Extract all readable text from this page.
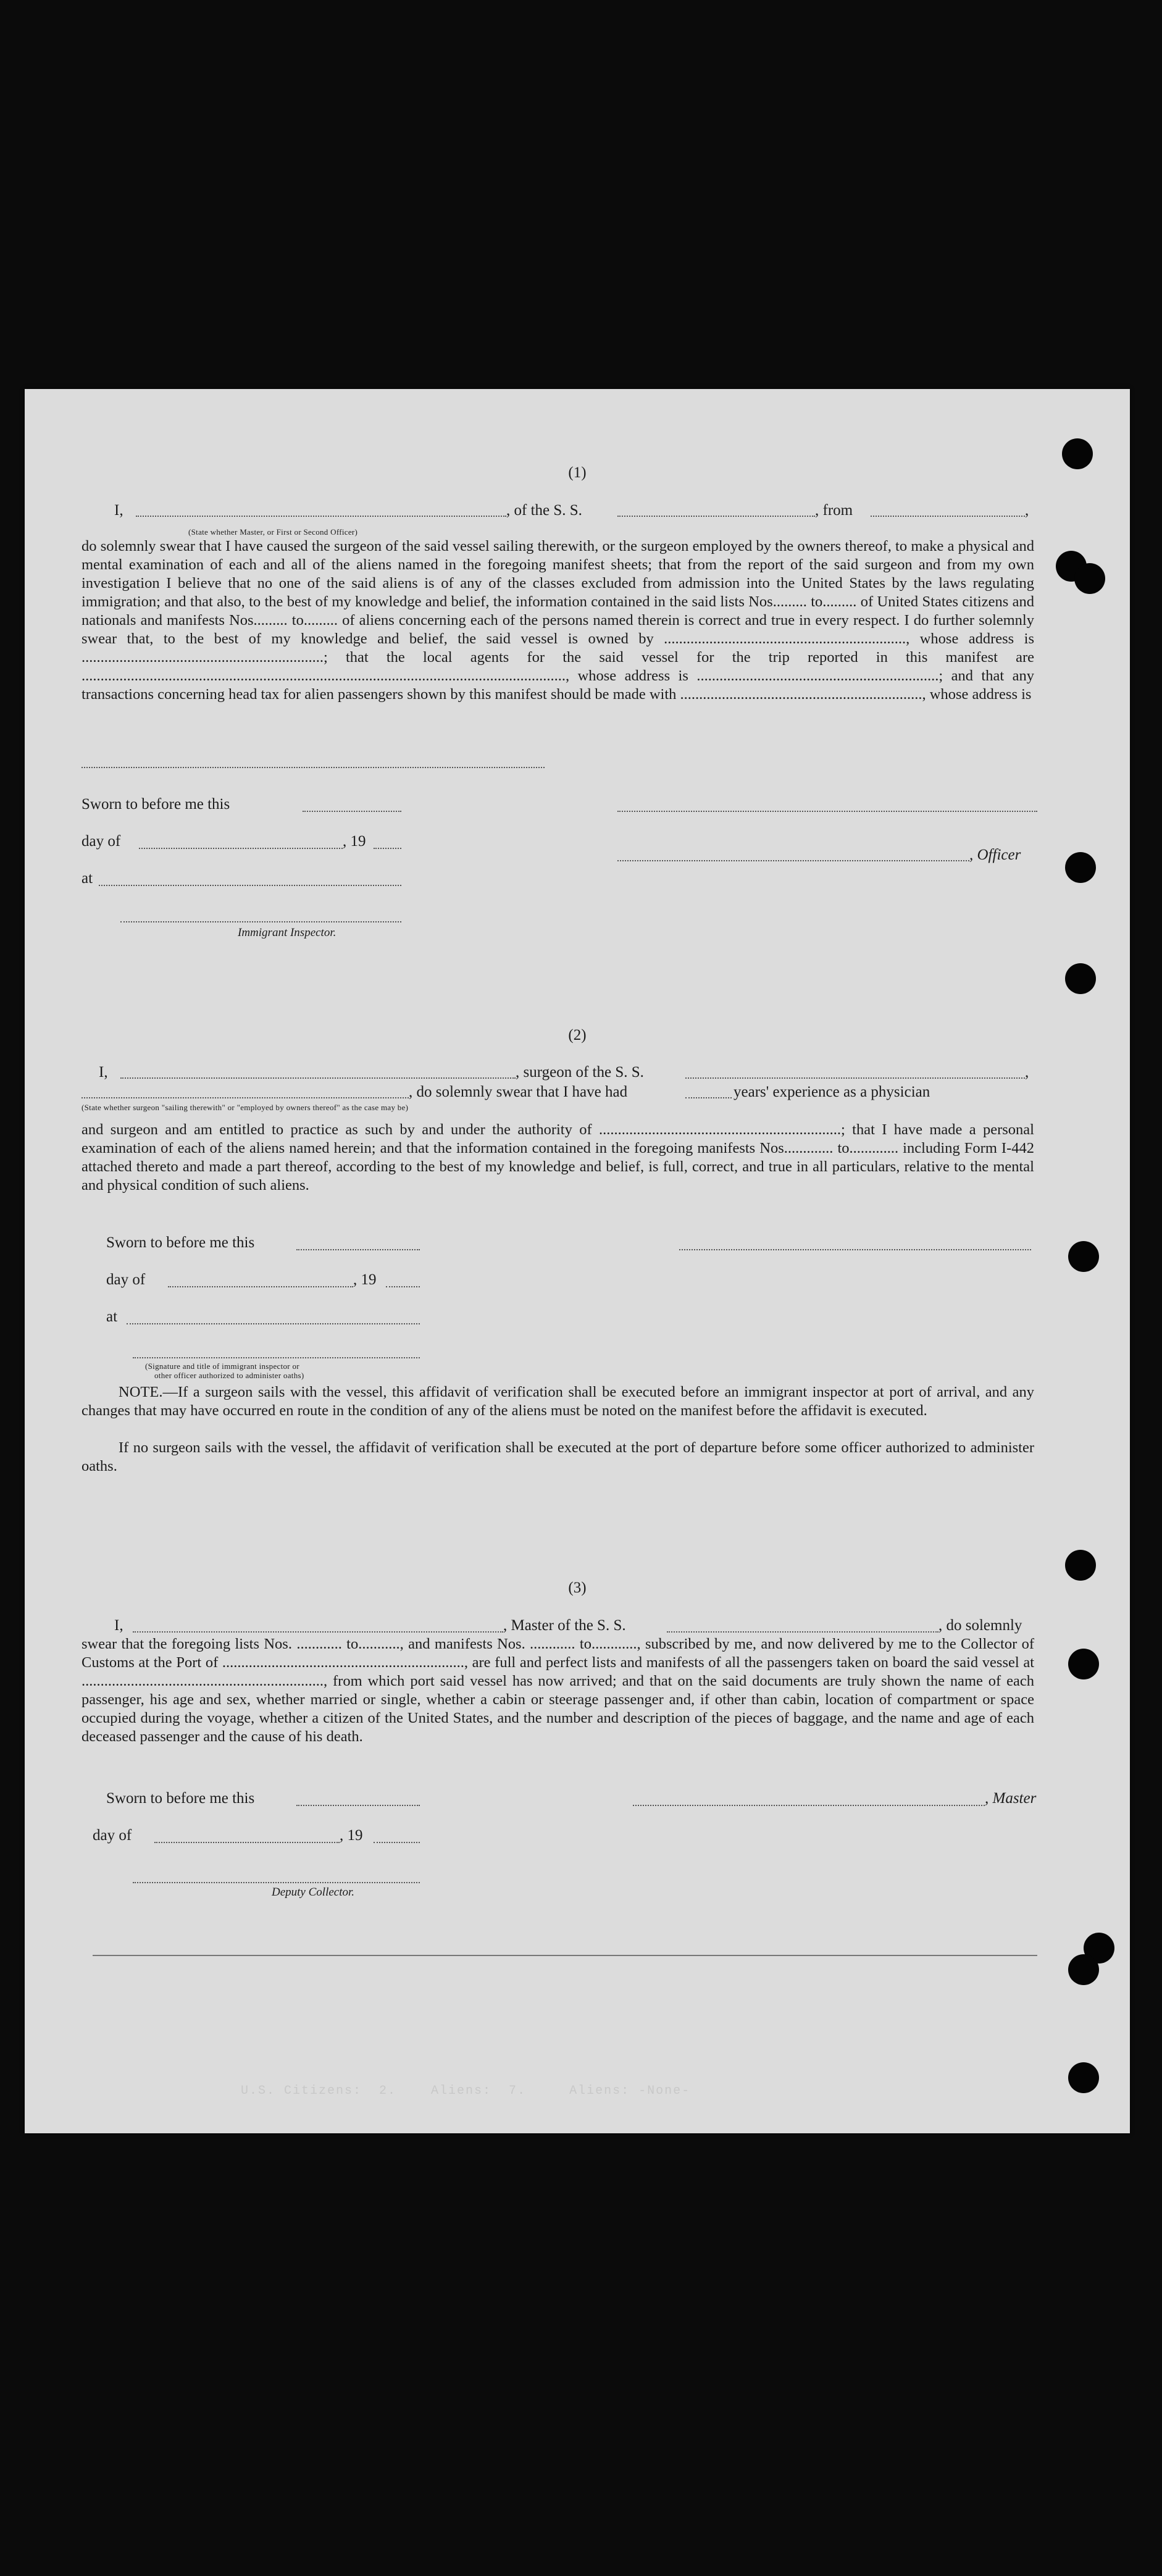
(1)
I,	, of the S. S.	, from	,
(State whether Master, or First or Second Officer)
do solemnly swear that I have caused the surgeon of the said vessel sailing therewith, or the surgeon employed by the owners thereof, to make a physical and mental examination of each and all of the aliens named in the foregoing manifest sheets; that from the report of the said surgeon and from my own investigation I believe that no one of the said aliens is of any of the classes excluded from admission into the United States by the laws regulating immigration; and that also, to the best of my knowledge and belief, the information contained in the said lists Nos......... to......... of United States citizens and nationals and manifests Nos......... to......... of aliens concerning each of the persons named therein is correct and true in every respect. I do further solemnly swear that, to the best of my knowledge and belief, the said vessel is owned by ................................................................, whose address is ................................................................; that the local agents for the said vessel for the trip reported in this manifest are ................................................................................................................................, whose address is ................................................................; and that any transactions concerning head tax for alien passengers shown by this manifest should be made with ................................................................, whose address is
Sworn to before me this
day of	, 19
, Officer
at
Immigrant Inspector.
(2)
I,	, surgeon of the S. S.	,
, do solemnly swear that I have had	years' experience as a physician
(State whether surgeon "sailing therewith" or "employed by owners thereof" as the case may be)
and surgeon and am entitled to practice as such by and under the authority of ................................................................; that I have made a personal examination of each of the aliens named herein; and that the information contained in the foregoing manifests Nos............. to............. including Form I-442 attached thereto and made a part thereof, according to the best of my knowledge and belief, is full, correct, and true in all particulars, relative to the mental and physical condition of such aliens.
Sworn to before me this
day of	, 19
at
(Signature and title of immigrant inspector or
other officer authorized to administer oaths)
NOTE.—If a surgeon sails with the vessel, this affidavit of verification shall be executed before an immigrant inspector at port of arrival, and any changes that may have occurred en route in the condition of any of the aliens must be noted on the manifest before the affidavit is executed.
If no surgeon sails with the vessel, the affidavit of verification shall be executed at the port of departure before some officer authorized to administer oaths.
(3)
I,	, Master of the S. S.	, do solemnly
swear that the foregoing lists Nos. ............ to..........., and manifests Nos. ............ to............, subscribed by me, and now delivered by me to the Collector of Customs at the Port of ................................................................, are full and perfect lists and manifests of all the passengers taken on board the said vessel at ................................................................, from which port said vessel has now arrived; and that on the said documents are truly shown the name of each passenger, his age and sex, whether married or single, whether a cabin or steerage passenger and, if other than cabin, location of compartment or space occupied during the voyage, whether a citizen of the United States, and the number and description of the pieces of baggage, and the name and age of each deceased passenger and the cause of his death.
Sworn to before me this	, Master
day of	, 19
Deputy Collector.
U.S. Citizens:  2.    Aliens:  7.     Aliens: -None-
